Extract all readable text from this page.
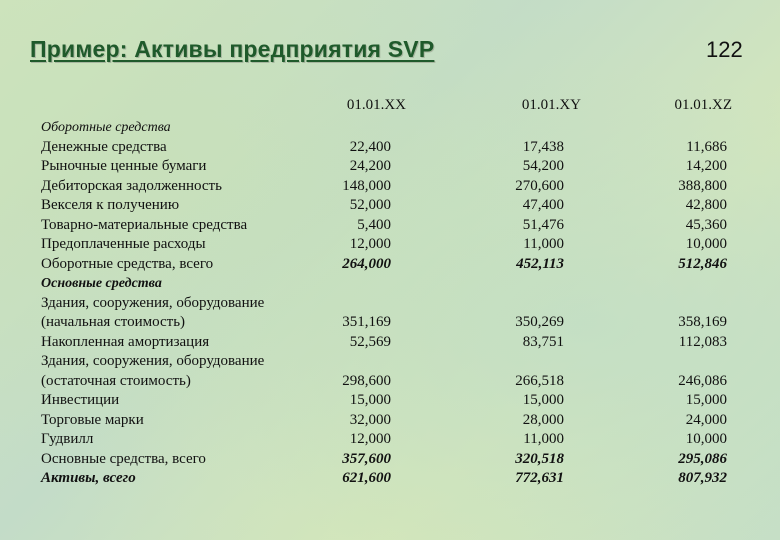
Пример: Активы предприятия SVP	122
01.01.XX	01.01.XY	01.01.XZ
Оборотные средства
Денежные средства	22,400	17,438	11,686
Рыночные ценные бумаги	24,200	54,200	14,200
Дебиторская задолженность	148,000	270,600	388,800
Векселя к получению	52,000	47,400	42,800
Товарно-материальные средства	5,400	51,476	45,360
Предоплаченные расходы	12,000	11,000	10,000
Оборотные средства, всего	264,000	452,113	512,846
Основные средства
Здания, сооружения, оборудование
(начальная стоимость)	351,169	350,269	358,169
Накопленная амортизация	52,569	83,751	112,083
Здания, сооружения, оборудование
(остаточная стоимость)	298,600	266,518	246,086
Инвестиции	15,000	15,000	15,000
Торговые марки	32,000	28,000	24,000
Гудвилл	12,000	11,000	10,000
Основные средства, всего	357,600	320,518	295,086
Активы, всего	621,600	772,631	807,932
